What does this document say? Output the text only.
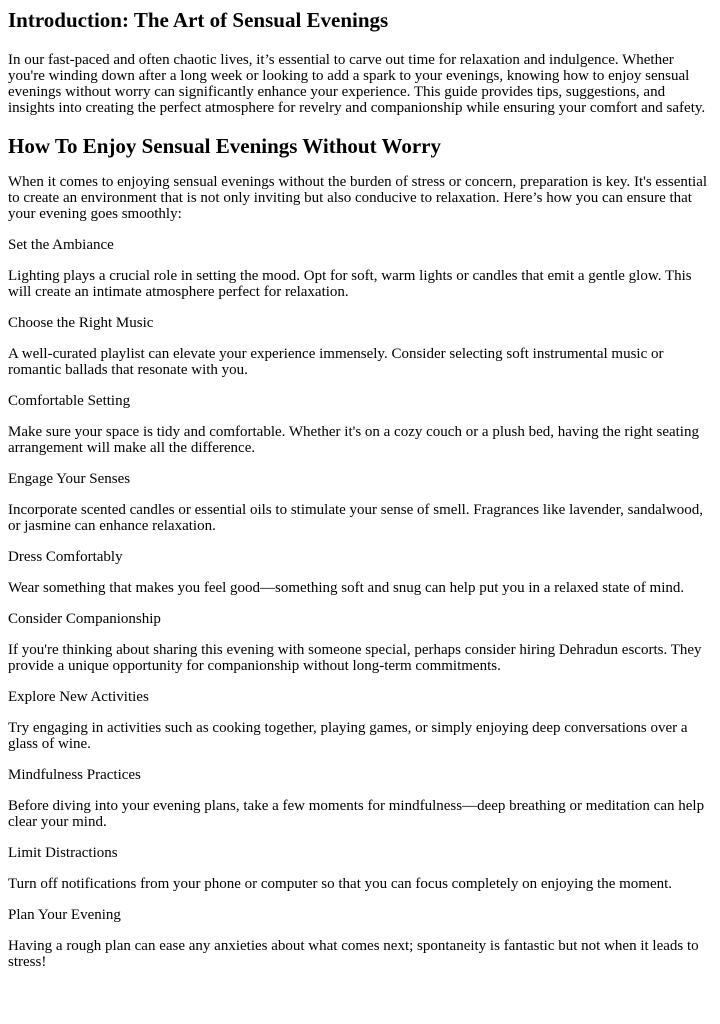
Introduction: The Art of Sensual Evenings

In our fast-paced and often chaotic lives, it’s essential to carve out time for relaxation and indulgence. Whether you're winding down after a long week or looking to add a spark to your evenings, knowing how to enjoy sensual evenings without worry can significantly enhance your experience. This guide provides tips, suggestions, and insights into creating the perfect atmosphere for revelry and companionship while ensuring your comfort and safety.

How To Enjoy Sensual Evenings Without Worry

When it comes to enjoying sensual evenings without the burden of stress or concern, preparation is key. It's essential to create an environment that is not only inviting but also conducive to relaxation. Here’s how you can ensure that your evening goes smoothly:

Set the Ambiance

Lighting plays a crucial role in setting the mood. Opt for soft, warm lights or candles that emit a gentle glow. This will create an intimate atmosphere perfect for relaxation.

Choose the Right Music

A well-curated playlist can elevate your experience immensely. Consider selecting soft instrumental music or romantic ballads that resonate with you.

Comfortable Setting

Make sure your space is tidy and comfortable. Whether it's on a cozy couch or a plush bed, having the right seating arrangement will make all the difference.

Engage Your Senses

Incorporate scented candles or essential oils to stimulate your sense of smell. Fragrances like lavender, sandalwood, or jasmine can enhance relaxation.

Dress Comfortably

Wear something that makes you feel good—something soft and snug can help put you in a relaxed state of mind.

Consider Companionship

If you're thinking about sharing this evening with someone special, perhaps consider hiring Dehradun escorts. They provide a unique opportunity for companionship without long-term commitments.

Explore New Activities

Try engaging in activities such as cooking together, playing games, or simply enjoying deep conversations over a glass of wine.

Mindfulness Practices

Before diving into your evening plans, take a few moments for mindfulness—deep breathing or meditation can help clear your mind.

Limit Distractions

Turn off notifications from your phone or computer so that you can focus completely on enjoying the moment.

Plan Your Evening

Having a rough plan can ease any anxieties about what comes next; spontaneity is fantastic but not when it leads to stress!
